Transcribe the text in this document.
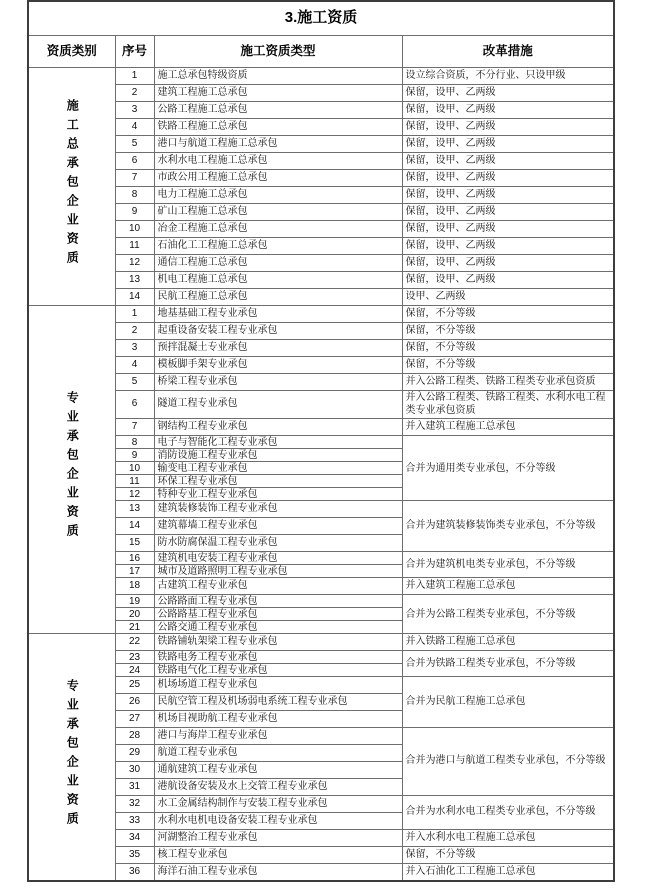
3.施工资质			
资质类别	序号	施工资质类型	改革措施
施工总承包企业资质	1	施工总承包特级资质	设立综合资质，不分行业、只设甲级
	2	建筑工程施工总承包	保留，设甲、乙两级
	3	公路工程施工总承包	保留，设甲、乙两级
	4	铁路工程施工总承包	保留，设甲、乙两级
	5	港口与航道工程施工总承包	保留，设甲、乙两级
	6	水利水电工程施工总承包	保留，设甲、乙两级
	7	市政公用工程施工总承包	保留，设甲、乙两级
	8	电力工程施工总承包	保留，设甲、乙两级
	9	矿山工程施工总承包	保留，设甲、乙两级
	10	冶金工程施工总承包	保留，设甲、乙两级
	11	石油化工工程施工总承包	保留，设甲、乙两级
	12	通信工程施工总承包	保留，设甲、乙两级
	13	机电工程施工总承包	保留，设甲、乙两级
	14	民航工程施工总承包	设甲、乙两级
专业承包企业资质	1	地基基础工程专业承包	保留，不分等级
	2	起重设备安装工程专业承包	保留，不分等级
	3	预拌混凝土专业承包	保留，不分等级
	4	模板脚手架专业承包	保留，不分等级
	5	桥梁工程专业承包	并入公路工程类、铁路工程类专业承包资质
	6	隧道工程专业承包	并入公路工程类、铁路工程类、水利水电工程类专业承包资质
	7	钢结构工程专业承包	并入建筑工程施工总承包
	8	电子与智能化工程专业承包	合并为通用类专业承包，不分等级
	9	消防设施工程专业承包	
	10	输变电工程专业承包	
	11	环保工程专业承包	
	12	特种专业工程专业承包	
	13	建筑装修装饰工程专业承包	合并为建筑装修装饰类专业承包，不分等级
	14	建筑幕墙工程专业承包	
	15	防水防腐保温工程专业承包	
	16	建筑机电安装工程专业承包	合并为建筑机电类专业承包，不分等级
	17	城市及道路照明工程专业承包	
	18	古建筑工程专业承包	并入建筑工程施工总承包
	19	公路路面工程专业承包	合并为公路工程类专业承包，不分等级
	20	公路路基工程专业承包	
	21	公路交通工程专业承包	
专业承包企业资质	22	铁路铺轨架梁工程专业承包	并入铁路工程施工总承包
	23	铁路电务工程专业承包	合并为铁路工程类专业承包，不分等级
	24	铁路电气化工程专业承包	
	25	机场场道工程专业承包	合并为民航工程施工总承包
	26	民航空管工程及机场弱电系统工程专业承包	
	27	机场目视助航工程专业承包	
	28	港口与海岸工程专业承包	合并为港口与航道工程类专业承包，不分等级
	29	航道工程专业承包	
	30	通航建筑工程专业承包	
	31	港航设备安装及水上交管工程专业承包	
	32	水工金属结构制作与安装工程专业承包	合并为水利水电工程类专业承包，不分等级
	33	水利水电机电设备安装工程专业承包	
	34	河湖整治工程专业承包	并入水利水电工程施工总承包
	35	核工程专业承包	保留，不分等级
	36	海洋石油工程专业承包	并入石油化工工程施工总承包
